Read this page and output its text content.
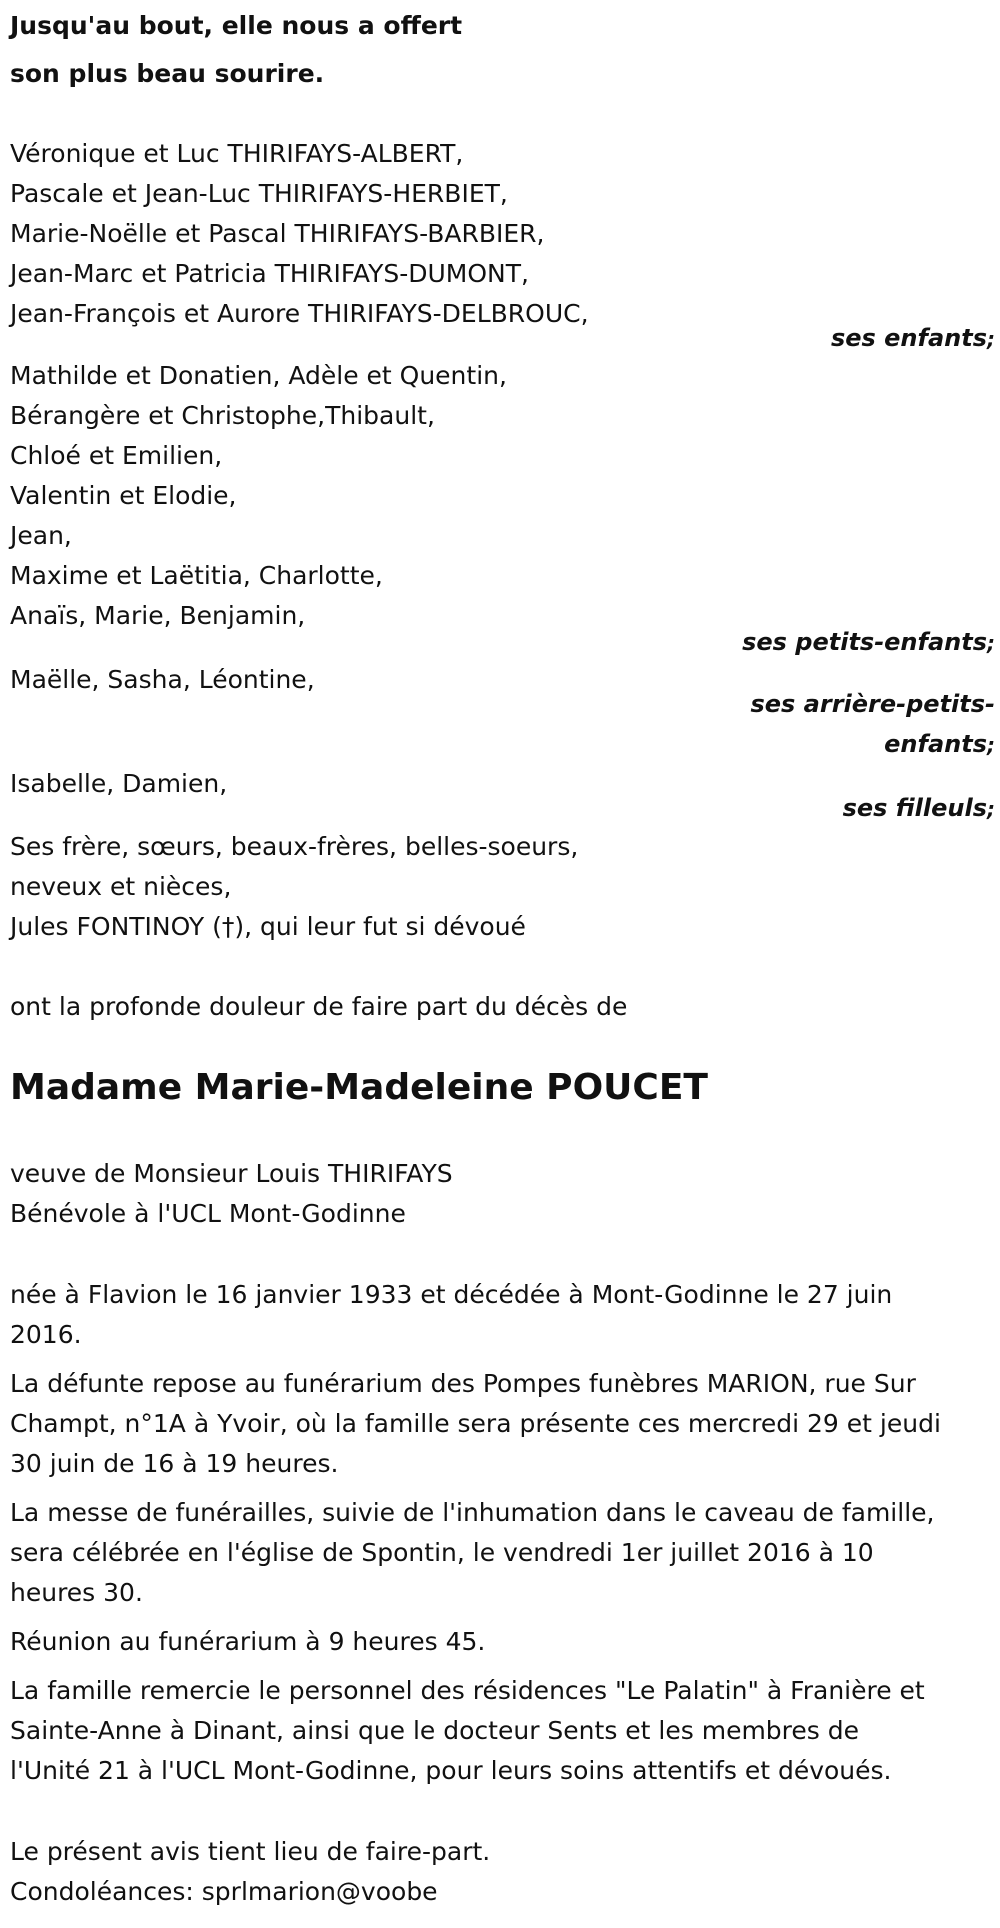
Jusqu'au bout, elle nous a offert
son plus beau sourire.
Véronique et Luc THIRIFAYS-ALBERT,
Pascale et Jean-Luc THIRIFAYS-HERBIET,
Marie-Noëlle et Pascal THIRIFAYS-BARBIER,
Jean-Marc et Patricia THIRIFAYS-DUMONT,
Jean-François et Aurore THIRIFAYS-DELBROUC,
ses enfants;
Mathilde et Donatien, Adèle et Quentin,
Bérangère et Christophe,Thibault,
Chloé et Emilien,
Valentin et Elodie,
Jean,
Maxime et Laëtitia, Charlotte,
Anaïs, Marie, Benjamin,
ses petits-enfants;
Maëlle, Sasha, Léontine,
ses arrière-petits-
enfants;
Isabelle, Damien,
ses filleuls;
Ses frère, sœurs, beaux-frères, belles-soeurs,
neveux et nièces,
Jules FONTINOY (†), qui leur fut si dévoué
ont la profonde douleur de faire part du décès de
Madame Marie-Madeleine POUCET
veuve de Monsieur Louis THIRIFAYS
Bénévole à l'UCL Mont-Godinne
née à Flavion le 16 janvier 1933 et décédée à Mont-Godinne le 27 juin
2016.
La défunte repose au funérarium des Pompes funèbres MARION, rue Sur
Champt, n°1A à Yvoir, où la famille sera présente ces mercredi 29 et jeudi
30 juin de 16 à 19 heures.
La messe de funérailles, suivie de l'inhumation dans le caveau de famille,
sera célébrée en l'église de Spontin, le vendredi 1er juillet 2016 à 10
heures 30.
Réunion au funérarium à 9 heures 45.
La famille remercie le personnel des résidences "Le Palatin" à Franière et
Sainte-Anne à Dinant, ainsi que le docteur Sents et les membres de
l'Unité 21 à l'UCL Mont-Godinne, pour leurs soins attentifs et dévoués.
Le présent avis tient lieu de faire-part.
Condoléances: sprlmarion@voobe
